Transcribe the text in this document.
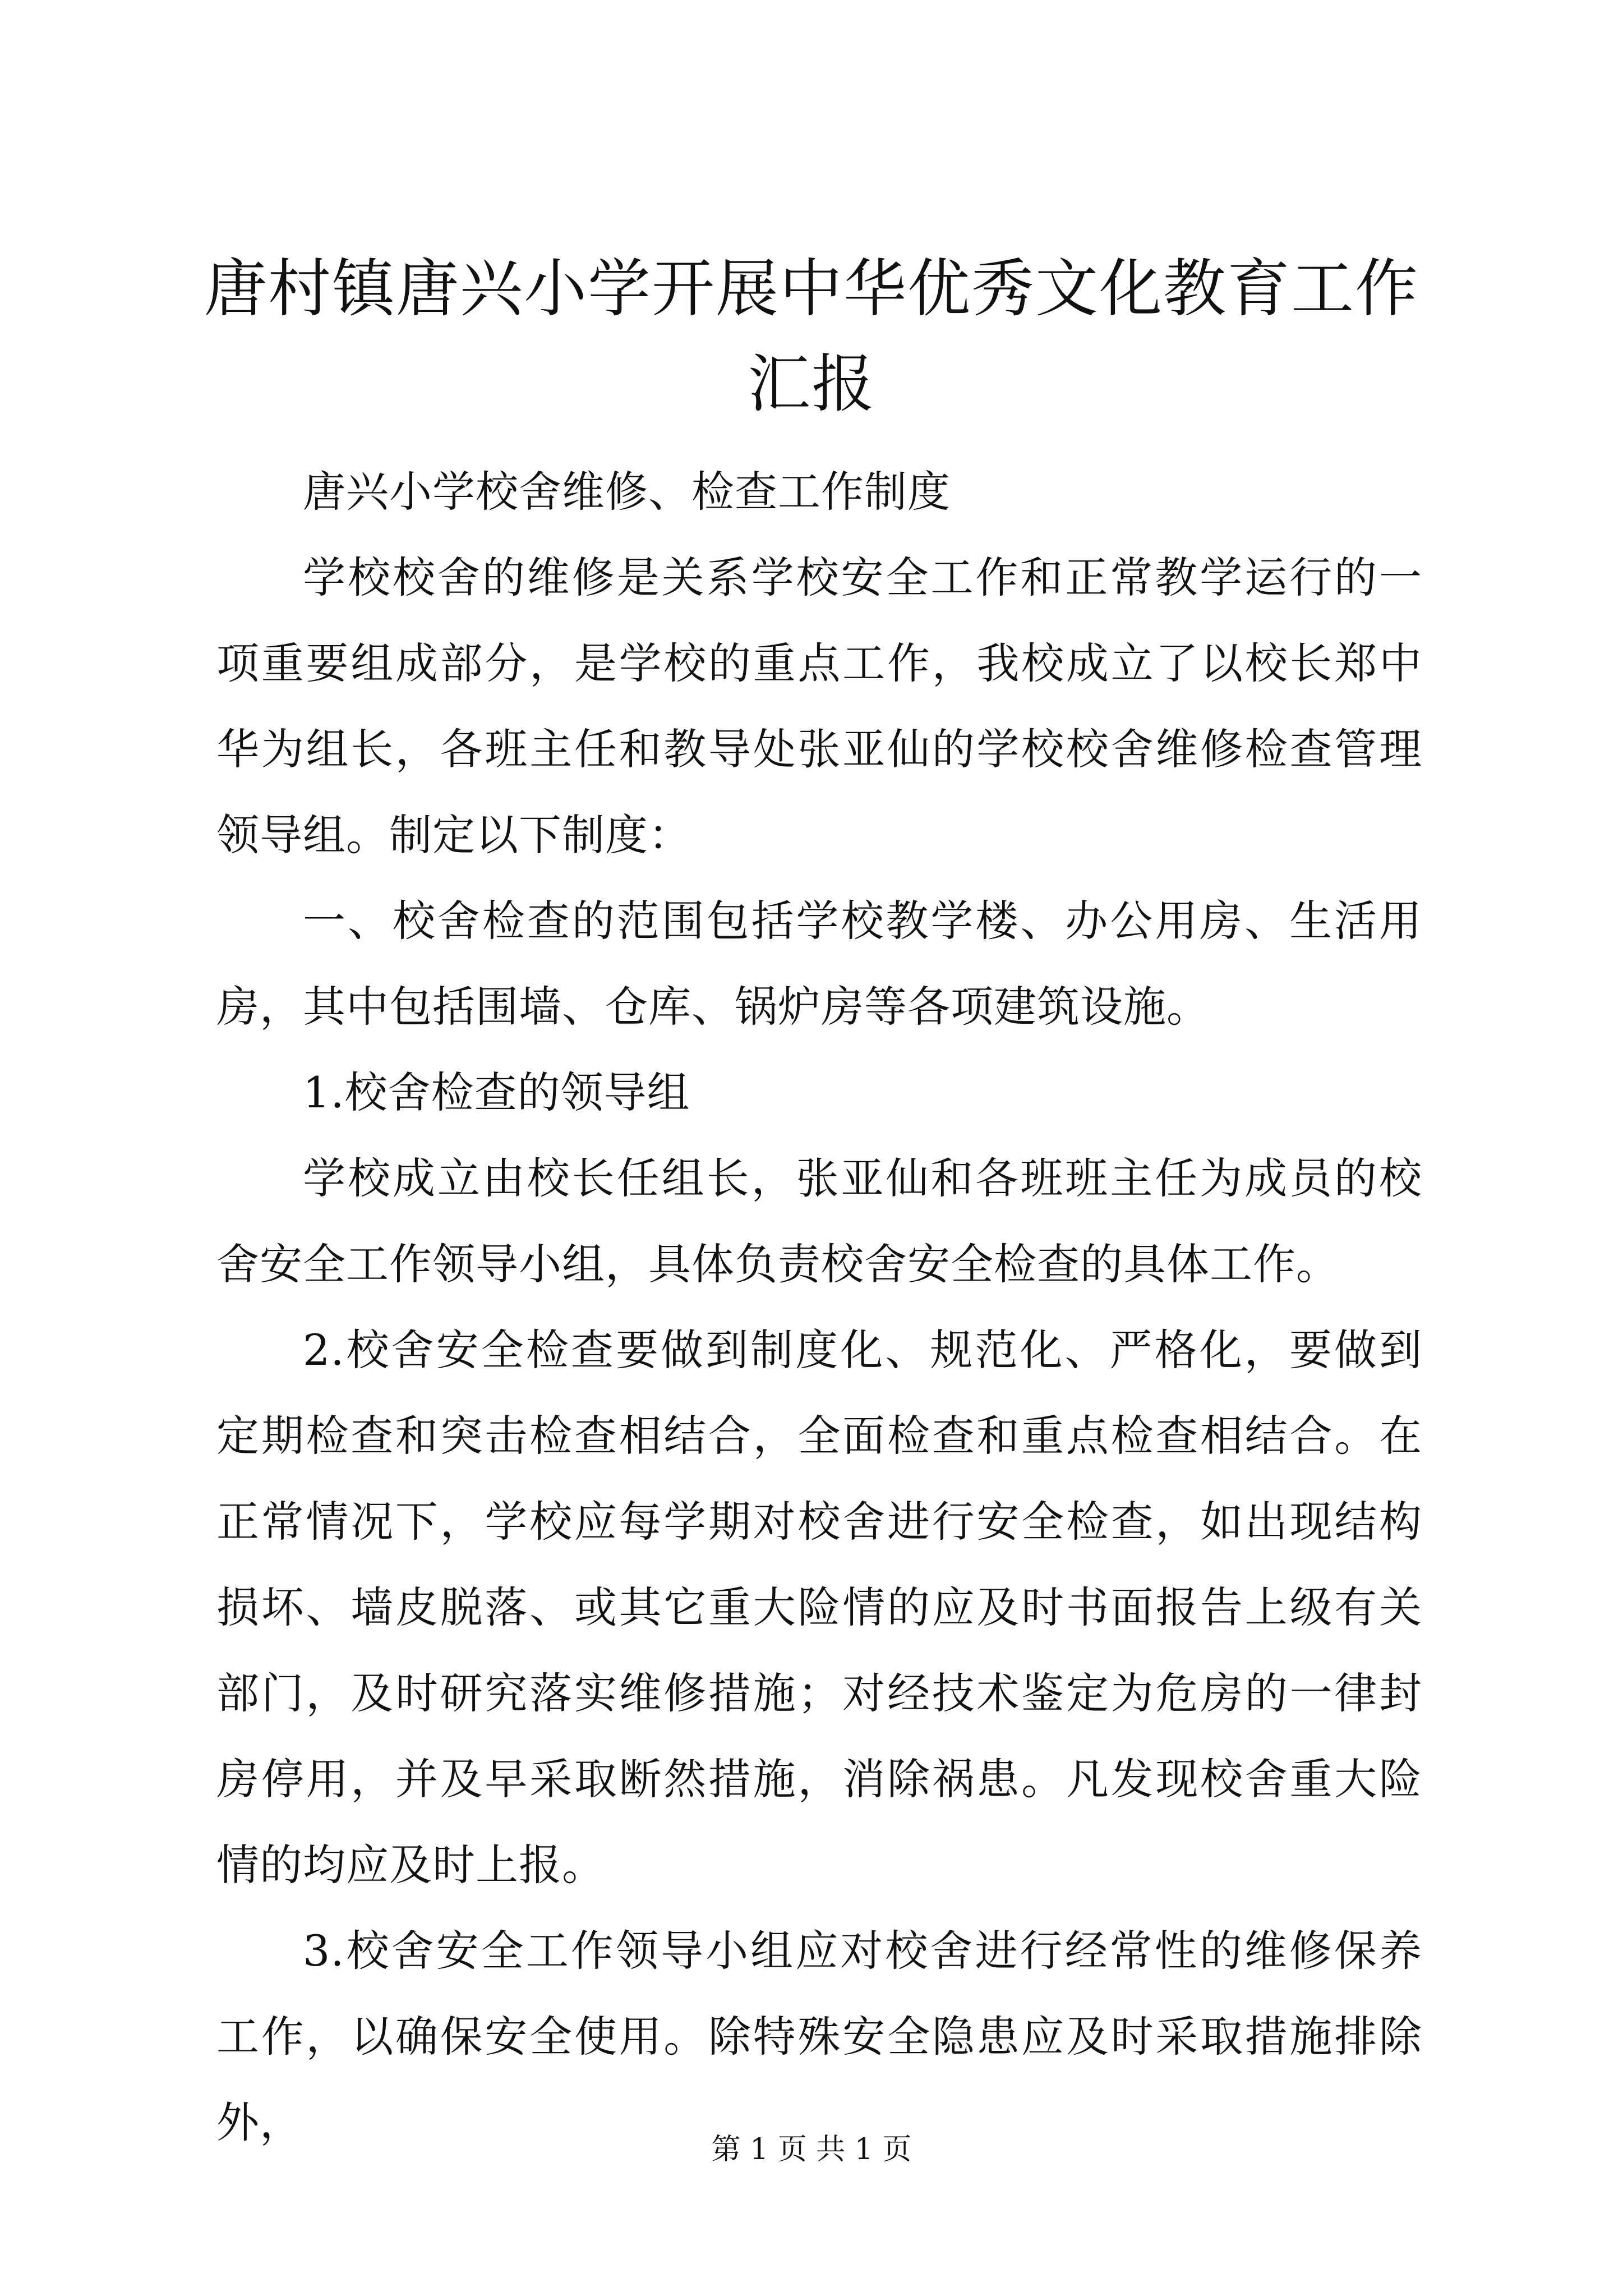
唐村镇唐兴小学开展中华优秀文化教育工作汇报

唐兴小学校舍维修、检查工作制度

学校校舍的维修是关系学校安全工作和正常教学运行的一项重要组成部分，是学校的重点工作，我校成立了以校长郑中华为组长，各班主任和教导处张亚仙的学校校舍维修检查管理领导组。制定以下制度：

一、校舍检查的范围包括学校教学楼、办公用房、生活用房，其中包括围墙、仓库、锅炉房等各项建筑设施。

1.校舍检查的领导组

学校成立由校长任组长，张亚仙和各班班主任为成员的校舍安全工作领导小组，具体负责校舍安全检查的具体工作。

2.校舍安全检查要做到制度化、规范化、严格化，要做到定期检查和突击检查相结合，全面检查和重点检查相结合。在正常情况下，学校应每学期对校舍进行安全检查，如出现结构损坏、墙皮脱落、或其它重大险情的应及时书面报告上级有关部门，及时研究落实维修措施；对经技术鉴定为危房的一律封房停用，并及早采取断然措施，消除祸患。凡发现校舍重大险情的均应及时上报。

3.校舍安全工作领导小组应对校舍进行经常性的维修保养工作，以确保安全使用。除特殊安全隐患应及时采取措施排除外，

第 1 页 共 1 页
